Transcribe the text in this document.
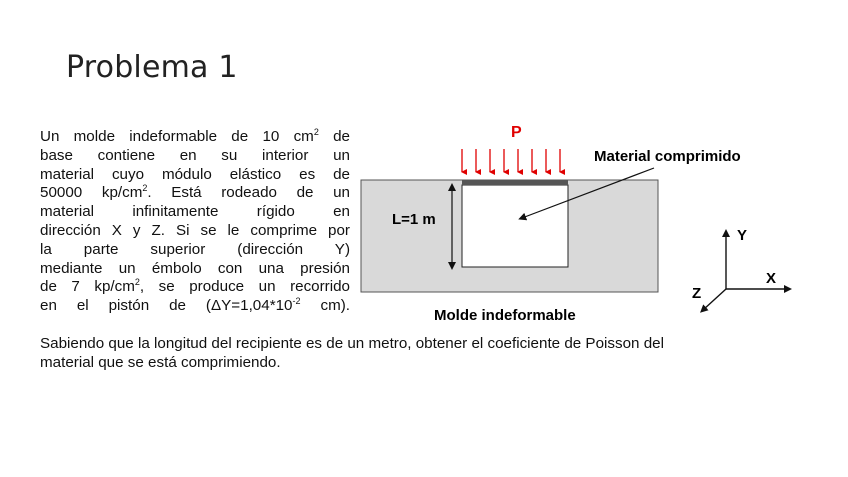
Problema 1
Un molde indeformable de 10 $cm^2$ de
base contiene en su interior un
material cuyo módulo elástico es de
50000 $kp/cm^2$. Está rodeado de un
material infinitamente rígido en
dirección X y Z. Si se le comprime por
la parte superior (dirección Y)
mediante un émbolo con una presión
de 7 $kp/cm^2$, se produce un recorrido
en el pistón de ($\Delta Y=1,04*10^{-2}$ cm).
Sabiendo que la longitud del recipiente es de un metro, obtener el coeficiente de Poisson del
material que se está comprimiendo.
P
L=1 m
Material comprimido
Molde indeformable
Y
X
Z
